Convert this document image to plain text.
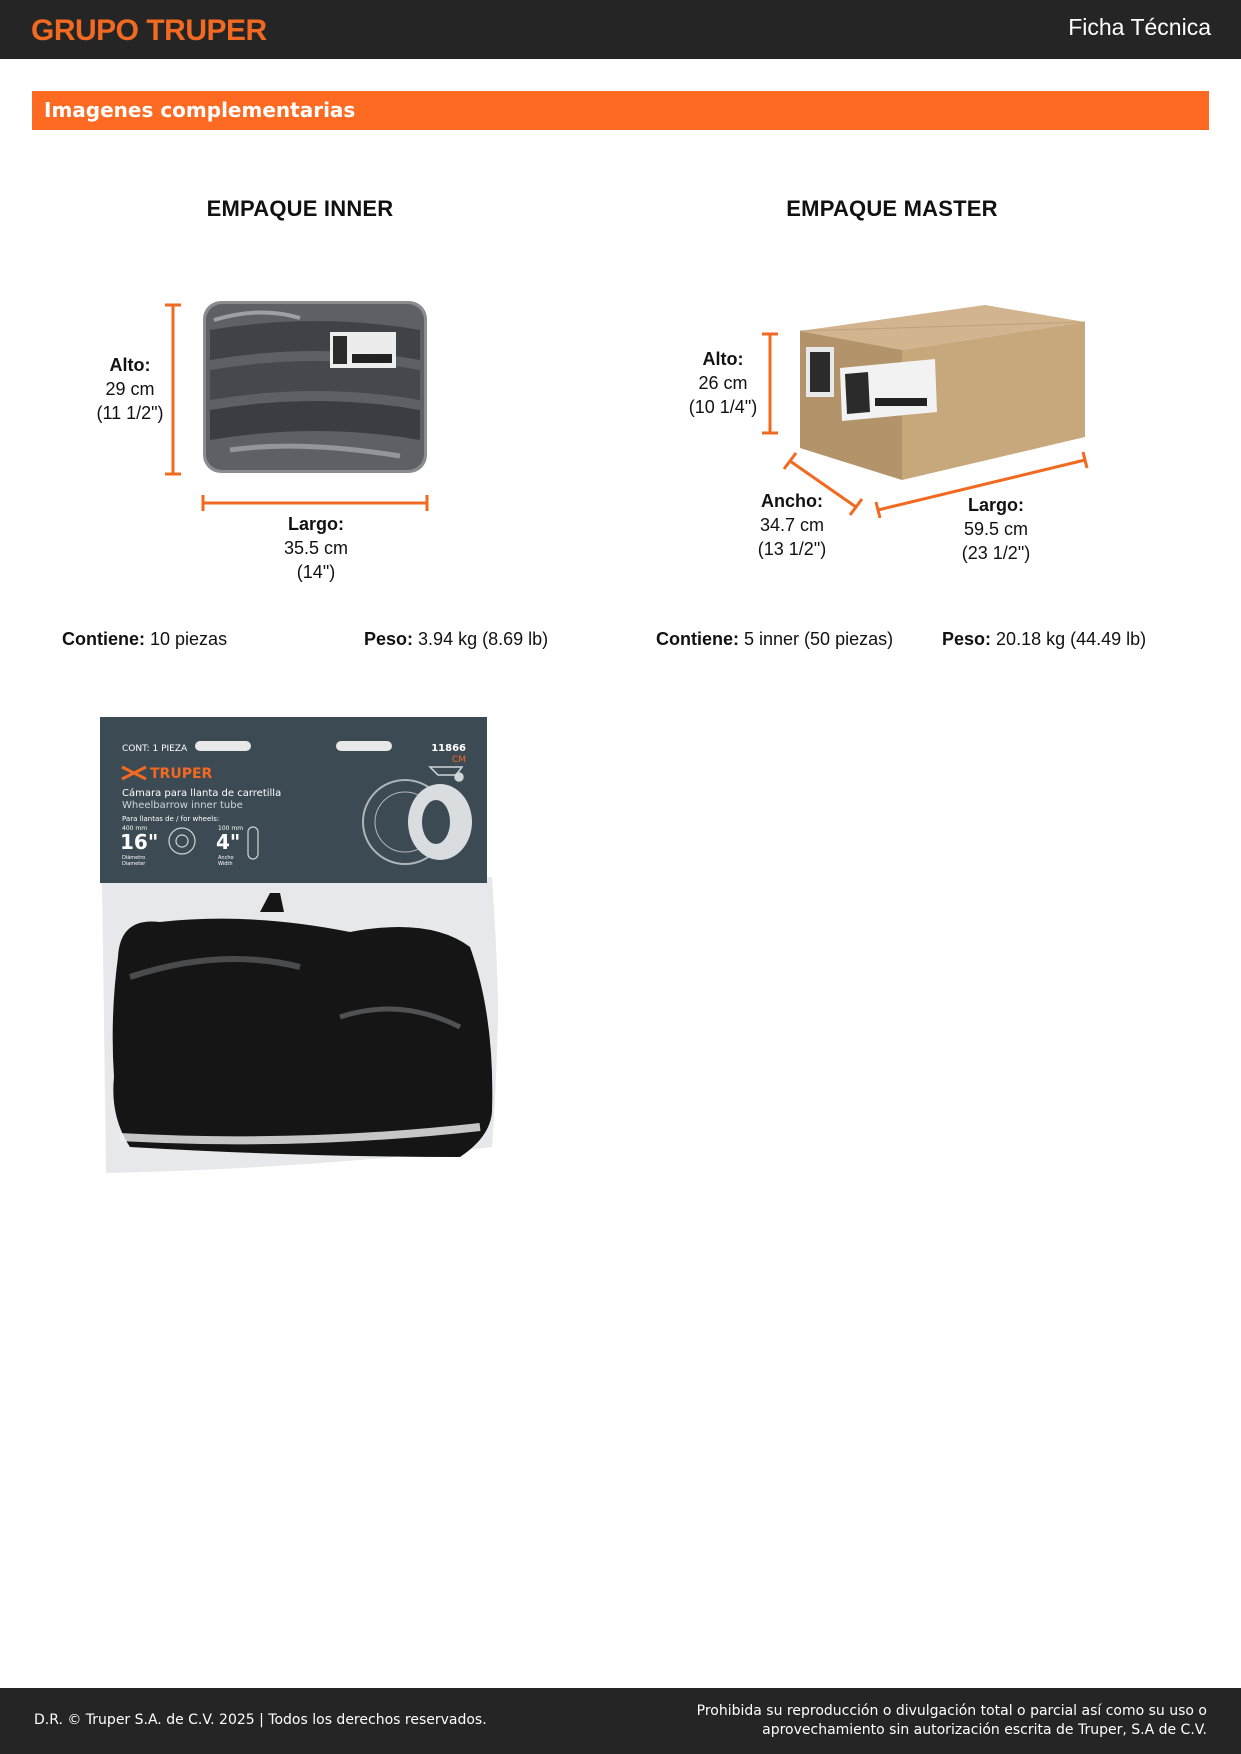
GRUPO TRUPER	Ficha Técnica
Imagenes complementarias
EMPAQUE INNER
Alto:
29 cm
(11 1/2")
Largo:
35.5 cm
(14")
Contiene: 10 piezas	Peso: 3.94 kg (8.69 lb)
EMPAQUE MASTER
Alto:
26 cm
(10 1/4")
Ancho:
34.7 cm
(13 1/2")
Largo:
59.5 cm
(23 1/2")
Contiene: 5 inner (50 piezas)	Peso: 20.18 kg (44.49 lb)
CONT: 1 PIEZA	11866
CM
TRUPER
Cámara para llanta de carretilla
Wheelbarrow inner tube
Para llantas de / for wheels:
400 mm
16"
Diámetro
Diameter
100 mm
4"
Ancho
Width
D.R. © Truper S.A. de C.V. 2025 | Todos los derechos reservados.
Prohibida su reproducción o divulgación total o parcial así como su uso o
aprovechamiento sin autorización escrita de Truper, S.A de C.V.
